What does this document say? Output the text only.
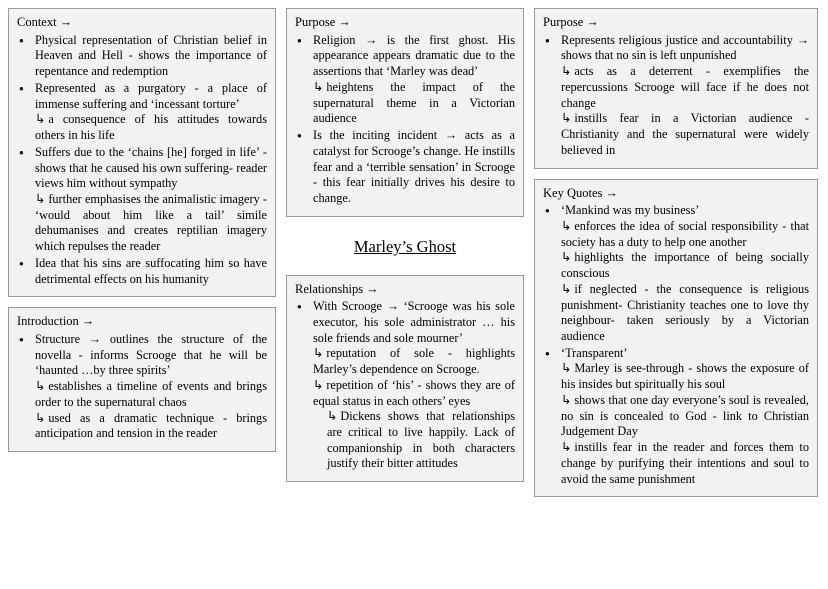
Context →
● Physical representation of Christian belief in Heaven and Hell - shows the importance of repentance and redemption
● Represented as a purgatory - a place of immense suffering and ‘incessant torture’
↳ a consequence of his attitudes towards others in his life
● Suffers due to the ‘chains [he] forged in life’ - shows that he caused his own suffering- reader views him without sympathy
↳ further emphasises the animalistic imagery - ‘would about him like a tail’ simile dehumanises and creates reptilian imagery which repulses the reader
● Idea that his sins are suffocating him so have detrimental effects on his humanity
Introduction →
● Structure → outlines the structure of the novella - informs Scrooge that he will be ‘haunted …by three spirits’
↳ establishes a timeline of events and brings order to the supernatural chaos
↳ used as a dramatic technique - brings anticipation and tension in the reader
Purpose →
● Religion → is the first ghost. His appearance appears dramatic due to the assertions that ‘Marley was dead’
↳ heightens the impact of the supernatural theme in a Victorian audience
● Is the inciting incident → acts as a catalyst for Scrooge’s change. He instills fear and a ‘terrible sensation’ in Scrooge - this fear initially drives his desire to change.
Marley’s Ghost
Relationships →
● With Scrooge → ‘Scrooge was his sole executor, his sole administrator … his sole friends and sole mourner’
↳ reputation of sole - highlights Marley’s dependence on Scrooge.
↳ repetition of ‘his’ - shows they are of equal status in each others’ eyes
↳ Dickens shows that relationships are critical to live happily. Lack of companionship in both characters justify their bitter attitudes
Purpose →
● Represents religious justice and accountability → shows that no sin is left unpunished
↳ acts as a deterrent - exemplifies the repercussions Scrooge will face if he does not change
↳ instills fear in a Victorian audience - Christianity and the supernatural were widely believed in
Key Quotes →
● ‘Mankind was my business’
↳ enforces the idea of social responsibility - that society has a duty to help one another
↳ highlights the importance of being socially conscious
↳ if neglected - the consequence is religious punishment- Christianity teaches one to love thy neighbour- taken seriously by a Victorian audience
● ‘Transparent’
↳ Marley is see-through - shows the exposure of his insides but spiritually his soul
↳ shows that one day everyone’s soul is revealed, no sin is concealed to God - link to Christian Judgement Day
↳ instills fear in the reader and forces them to change by purifying their intentions and soul to avoid the same punishment
